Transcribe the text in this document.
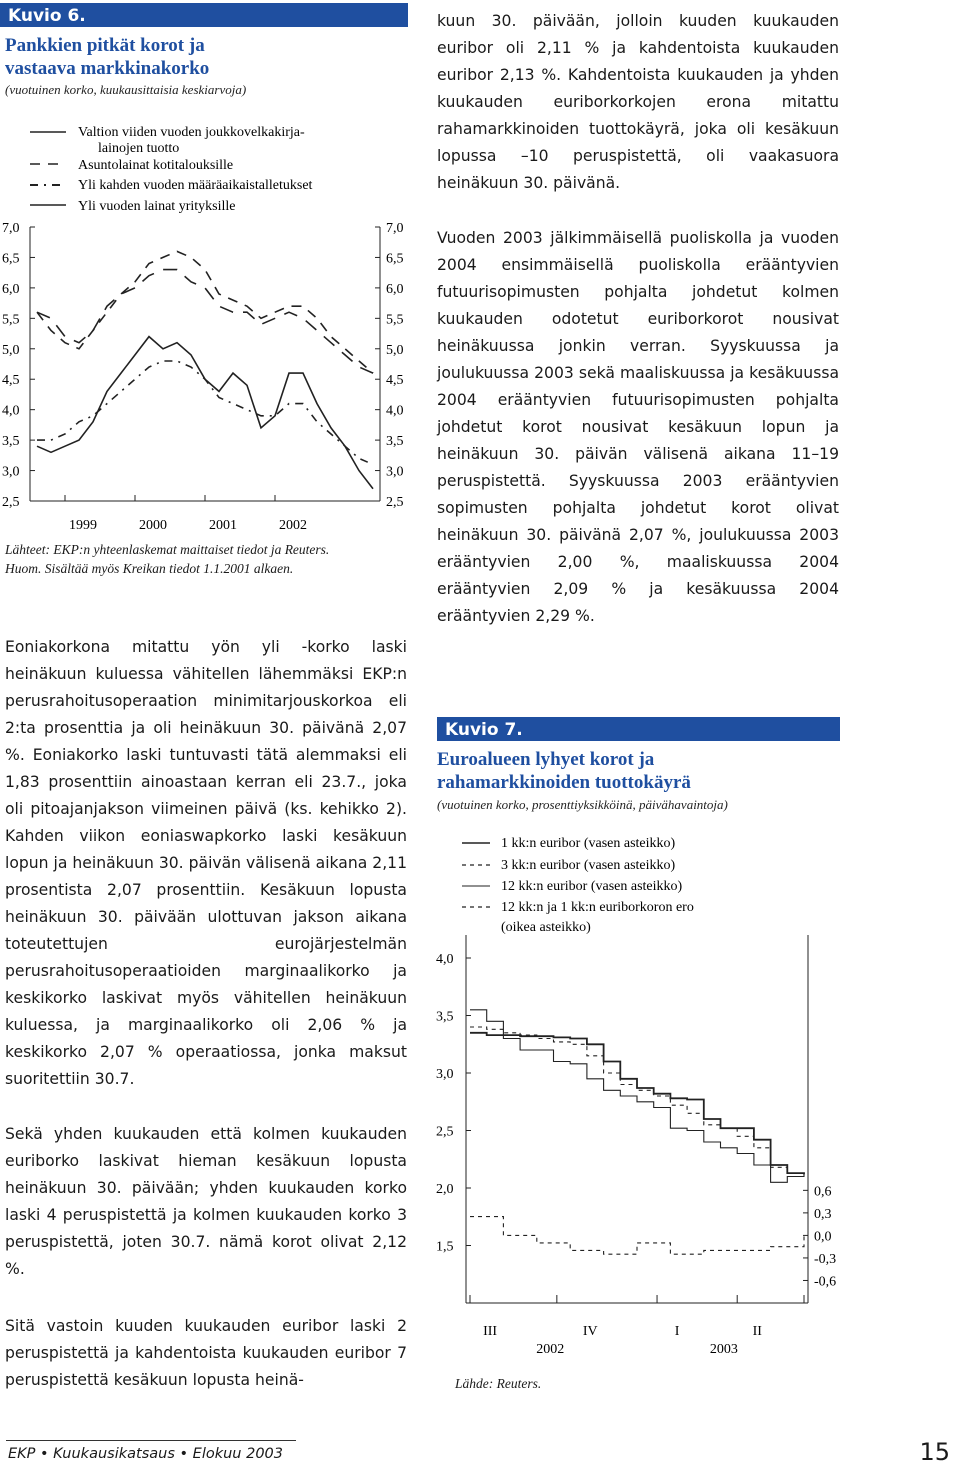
Kuvio 6.
Pankkien pitkät korot ja
vastaava markkinakorko
(vuotuinen korko, kuukausittaisia keskiarvoja)
Valtion viiden vuoden joukkovelkakirja-
lainojen tuotto
Asuntolainat kotitalouksille
Yli kahden vuoden määräaikaistalletukset
Yli vuoden lainat yrityksille
7,0
6,5
6,0
5,5
5,0
4,5
4,0
3,5
3,0
2,5
7,0
6,5
6,0
5,5
5,0
4,5
4,0
3,5
3,0
2,5
1999	2000	2001	2002
Lähteet: EKP:n yhteenlaskemat maittaiset tiedot ja Reuters.
Huom. Sisältää myös Kreikan tiedot 1.1.2001 alkaen.

kuun 30. päivään, jolloin kuuden kuukauden euribor oli 2,11 % ja kahdentoista kuukauden euribor 2,13 %. Kahdentoista kuukauden ja yhden kuukauden euriborkorkojen erona mitattu rahamarkkinoiden tuottokäyrä, joka oli kesäkuun lopussa –10 peruspistettä, oli vaakasuora heinäkuun 30. päivänä.

Vuoden 2003 jälkimmäisellä puoliskolla ja vuoden 2004 ensimmäisellä puoliskolla erääntyvien futuurisopimusten pohjalta johdetut kolmen kuukauden odotetut euriborkorot nousivat heinäkuussa jonkin verran. Syyskuussa ja joulukuussa 2003 sekä maaliskuussa ja kesäkuussa 2004 erääntyvien futuurisopimusten pohjalta johdetut korot nousivat kesäkuun lopun ja heinäkuun 30. päivän välisenä aikana 11–19 peruspistettä. Syyskuussa 2003 erääntyvien sopimusten pohjalta johdetut korot olivat heinäkuun 30. päivänä 2,07 %, joulukuussa 2003 erääntyvien 2,00 %, maaliskuussa 2004 erääntyvien 2,09 % ja kesäkuussa 2004 erääntyvien 2,29 %.

Eoniakorkona mitattu yön yli -korko laski heinäkuun kuluessa vähitellen lähemmäksi EKP:n perusrahoitusoperaation minimitarjouskorkoa eli 2:ta prosenttia ja oli heinäkuun 30. päivänä 2,07 %. Eoniakorko laski tuntuvasti tätä alemmaksi eli 1,83 prosenttiin ainoastaan kerran eli 23.7., joka oli pitoajanjakson viimeinen päivä (ks. kehikko 2). Kahden viikon eoniaswapkorko laski kesäkuun lopun ja heinäkuun 30. päivän välisenä aikana 2,11 prosentista 2,07 prosenttiin. Kesäkuun lopusta heinäkuun 30. päivään ulottuvan jakson aikana toteutettujen eurojärjestelmän perusrahoitusoperaatioiden marginaalikorko ja keskikorko laskivat myös vähitellen heinäkuun kuluessa, ja marginaalikorko oli 2,06 % ja keskikorko 2,07 % operaatiossa, jonka maksut suoritettiin 30.7.

Sekä yhden kuukauden että kolmen kuukauden euriborko laskivat hieman kesäkuun lopusta heinäkuun 30. päivään; yhden kuukauden korko laski 4 peruspistettä ja kolmen kuukauden korko 3 peruspistettä, joten 30.7. nämä korot olivat 2,12 %.

Sitä vastoin kuuden kuukauden euribor laski 2 peruspistettä ja kahdentoista kuukauden euribor 7 peruspistettä kesäkuun lopusta heinä-

Kuvio 7.
Euroalueen lyhyet korot ja
rahamarkkinoiden tuottokäyrä
(vuotuinen korko, prosenttiyksikköinä, päivähavaintoja)
1 kk:n euribor (vasen asteikko)
3 kk:n euribor (vasen asteikko)
12 kk:n euribor (vasen asteikko)
12 kk:n ja 1 kk:n euriborkoron ero
(oikea asteikko)
4,0
3,5
3,0
2,5
2,0
1,5
0,6
0,3
0,0
-0,3
-0,6
III	IV	I	II
2002	2003
Lähde: Reuters.
EKP • Kuukausikatsaus • Elokuu 2003	15
